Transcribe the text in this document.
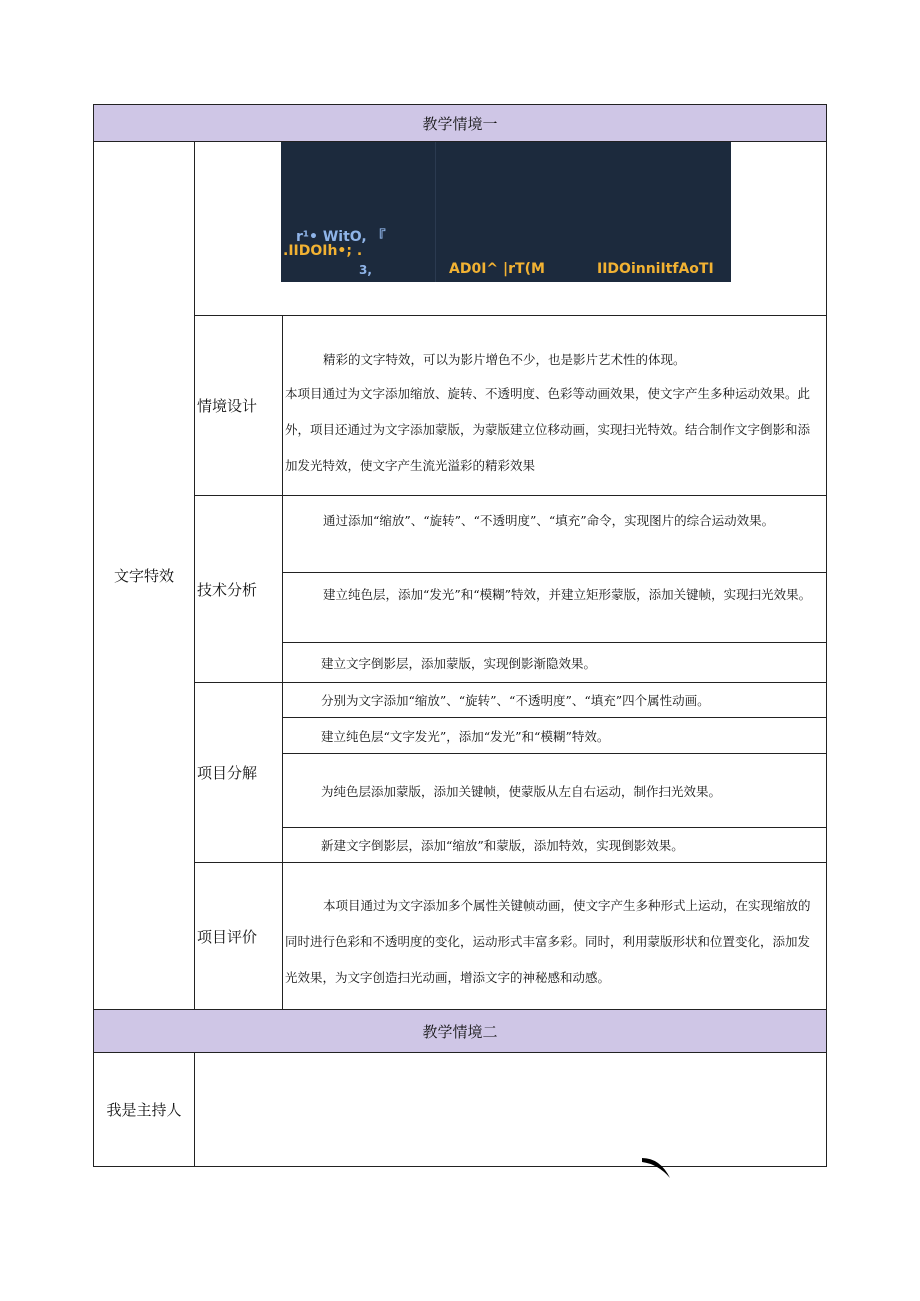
教学情境一
文字特效
r¹• WitO, 『
.IIDOIh•; .
3,	AD0I^ |rT(M	IIDOinniItfAoTI
情境设计
精彩的文字特效，可以为影片增色不少，也是影片艺术性的体现。
本项目通过为文字添加缩放、旋转、不透明度、色彩等动画效果，使文字产生多种运动效果。此外，项目还通过为文字添加蒙版，为蒙版建立位移动画，实现扫光特效。结合制作文字倒影和添加发光特效，使文字产生流光溢彩的精彩效果
技术分析
通过添加“缩放”、“旋转”、“不透明度”、“填充”命令，实现图片的综合运动效果。
建立纯色层，添加“发光”和“模糊”特效，并建立矩形蒙版，添加关键帧，实现扫光效果。
建立文字倒影层，添加蒙版，实现倒影渐隐效果。
项目分解
分别为文字添加“缩放”、“旋转”、“不透明度”、“填充”四个属性动画。
建立纯色层“文字发光”，添加“发光”和“模糊”特效。
为纯色层添加蒙版，添加关键帧，使蒙版从左自右运动，制作扫光效果。
新建文字倒影层，添加“缩放”和蒙版，添加特效，实现倒影效果。
项目评价
本项目通过为文字添加多个属性关键帧动画，使文字产生多种形式上运动，在实现缩放的同时进行色彩和不透明度的变化，运动形式丰富多彩。同时，利用蒙版形状和位置变化，添加发光效果，为文字创造扫光动画，增添文字的神秘感和动感。
教学情境二
我是主持人
